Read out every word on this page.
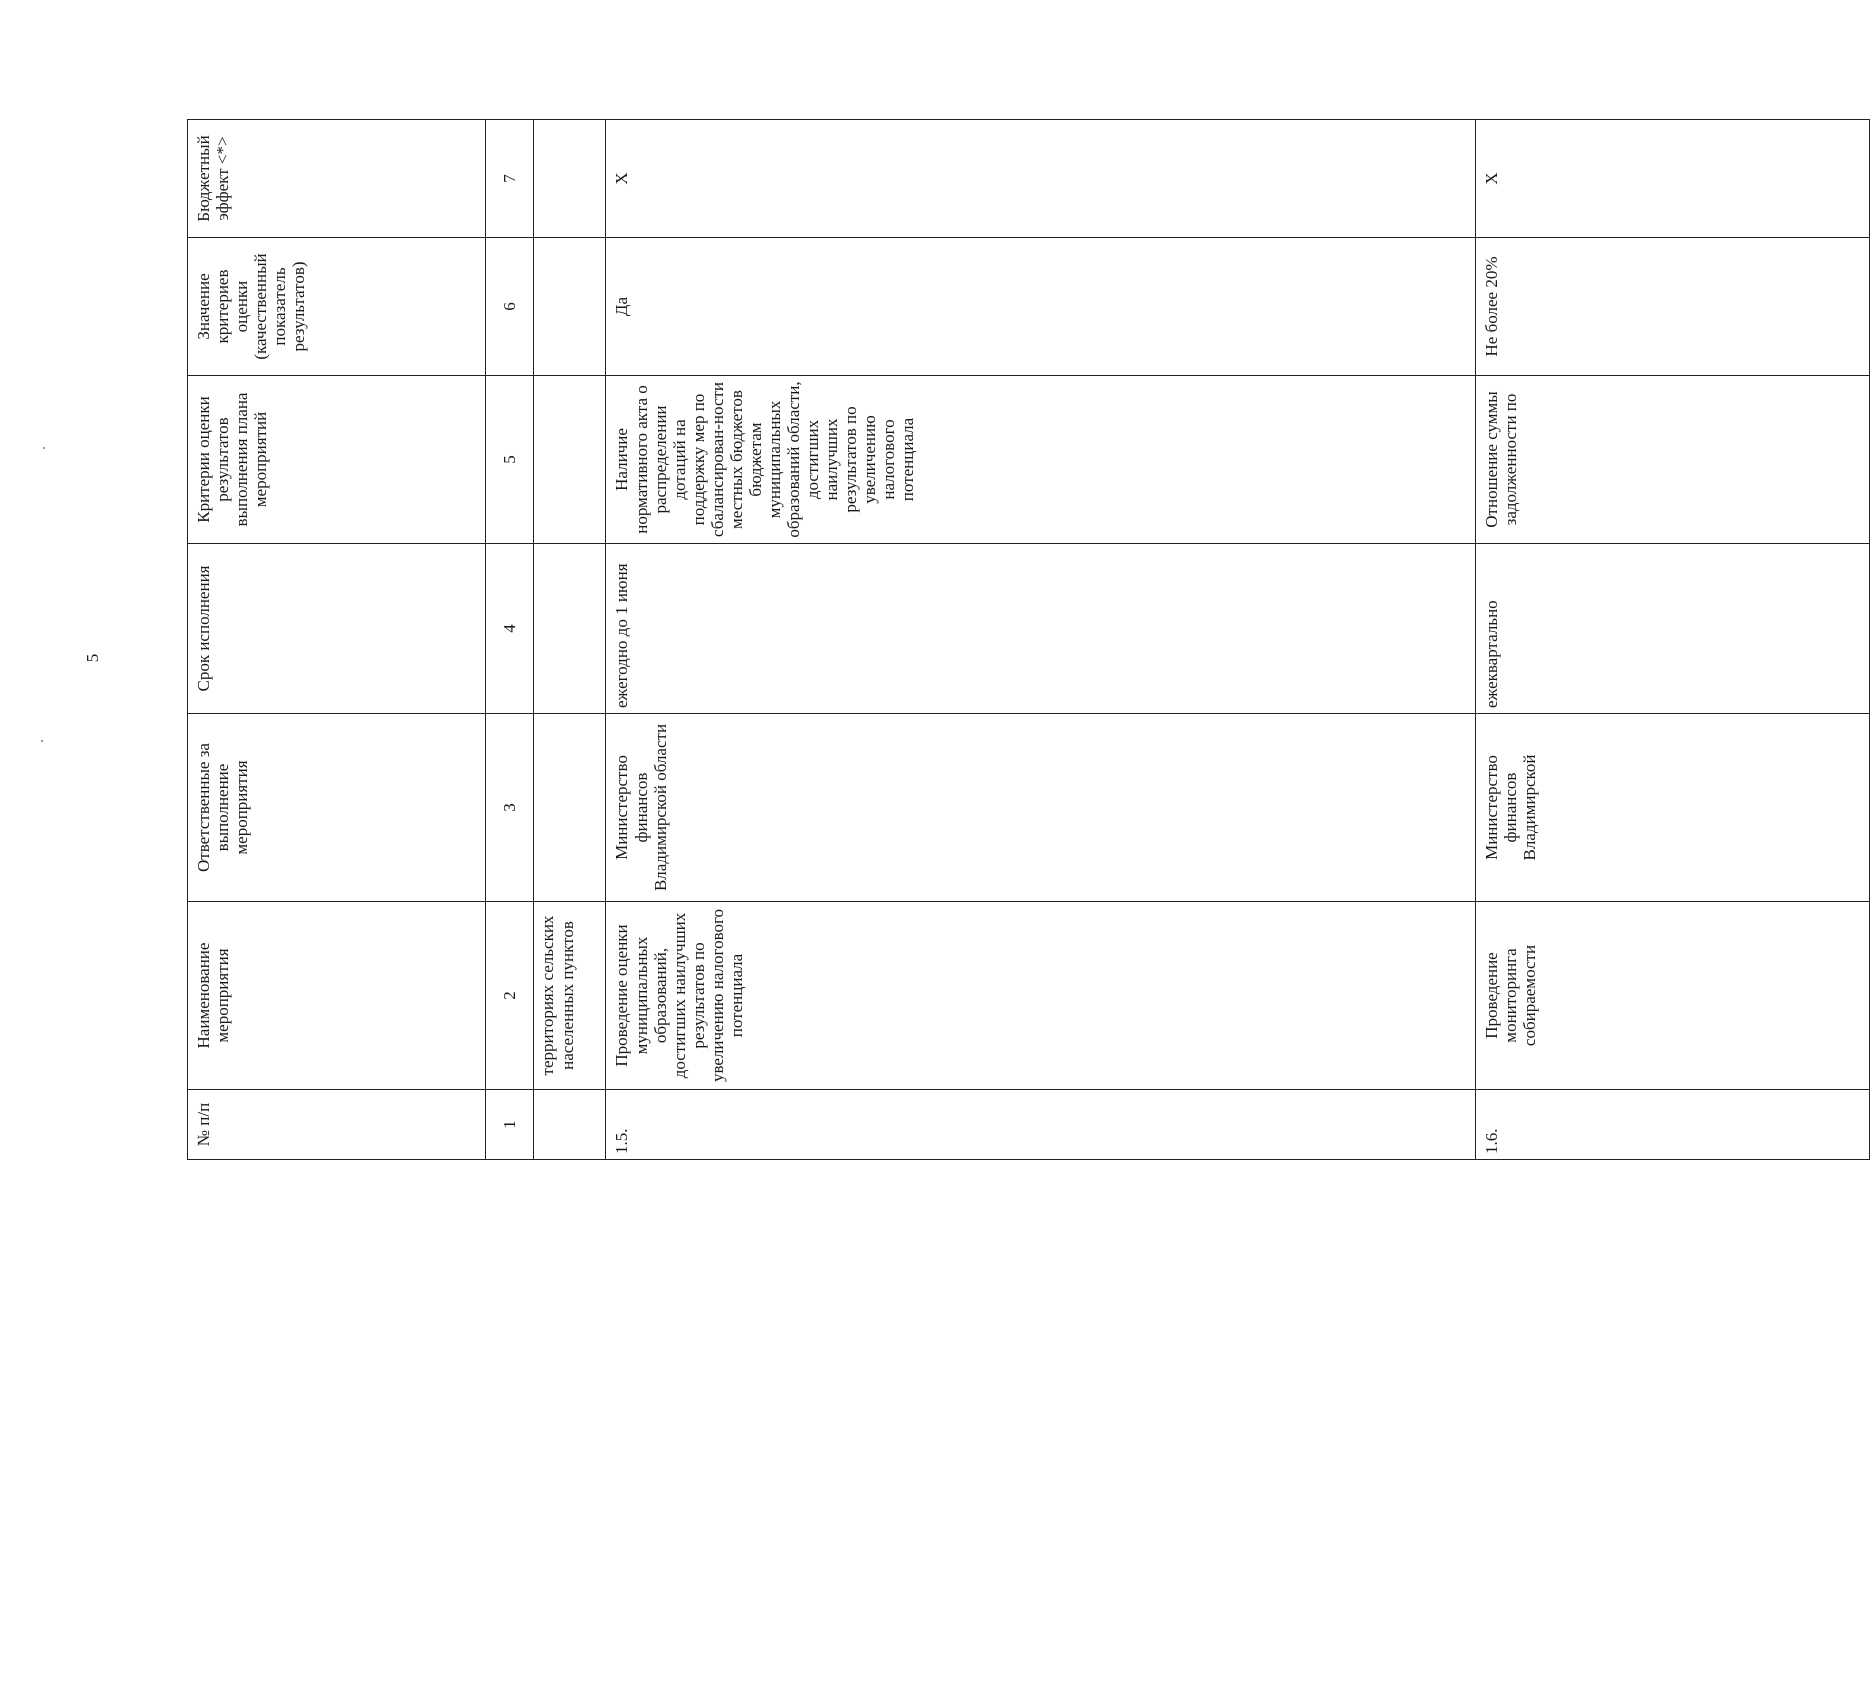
5
№ п/п	Наименование мероприятия	Ответственные за выполнение мероприятия	Срок исполнения	Критерии оценки результатов выполнения плана мероприятий	Значение критериев оценки (качественный показатель результатов)	Бюджетный эффект <*>	
1	2	3	4	5	6	7	
	территориях сельских населенных пунктов						
1.5.	Проведение оценки муниципальных образований, достигших наилучших результатов по увеличению налогового потенциала	Министерство финансов Владимирской области	ежегодно до 1 июня	Наличие нормативного акта о распределении дотаций на поддержку мер по сбалансирован-ности местных бюджетов бюджетам муниципальных образований области, достигших наилучших результатов по увеличению налогового потенциала	Да	Х	
1.6.	Проведение мониторинга собираемости	Министерство финансов Владимирской	ежеквартально	Отношение суммы задолженности по	Не более 20%	Х	
